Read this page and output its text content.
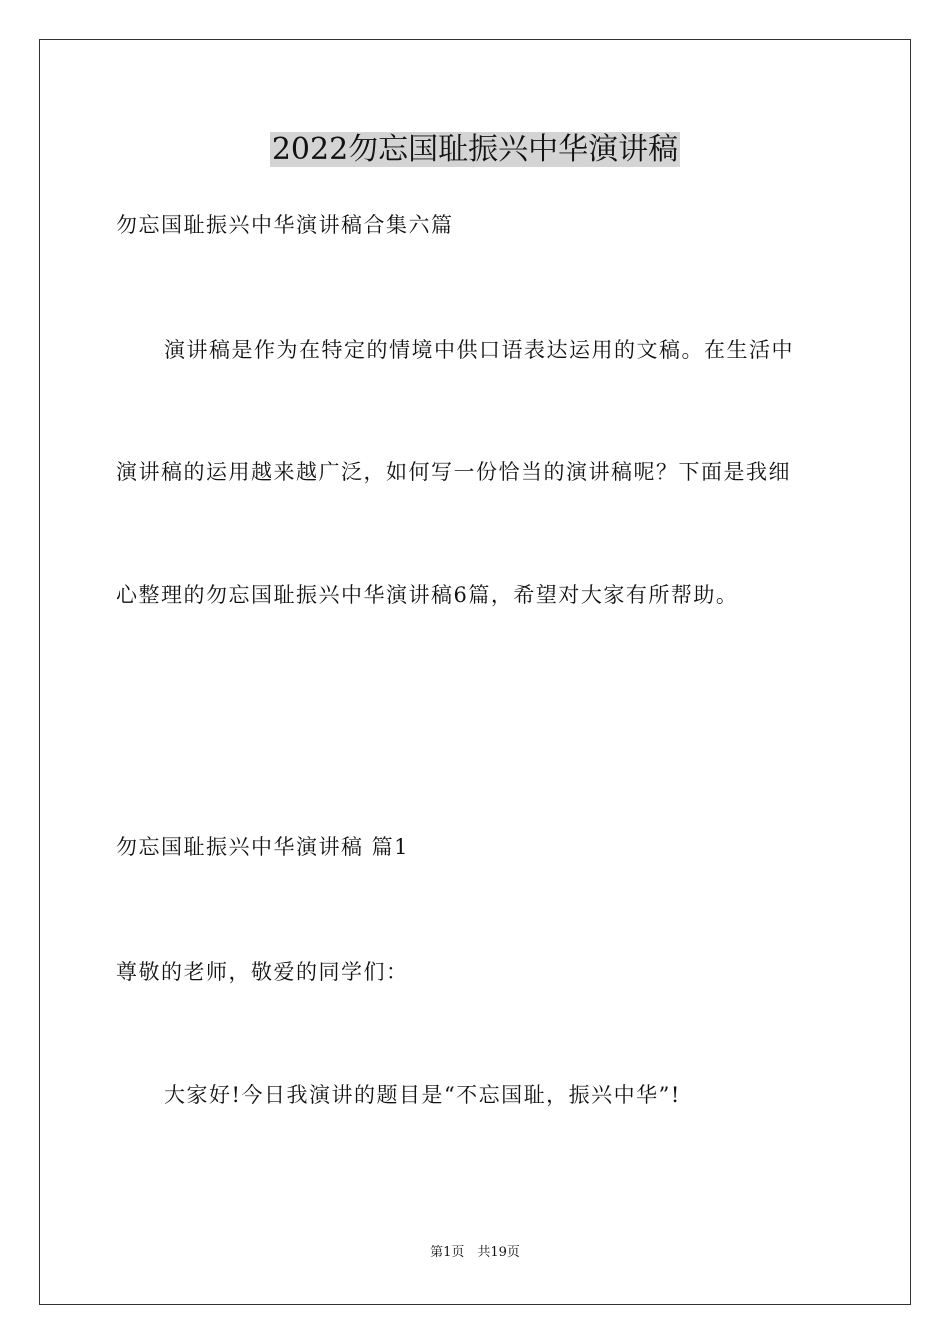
2022勿忘国耻振兴中华演讲稿
勿忘国耻振兴中华演讲稿合集六篇
演讲稿是作为在特定的情境中供口语表达运用的文稿。在生活中
演讲稿的运用越来越广泛，如何写一份恰当的演讲稿呢？下面是我细
心整理的勿忘国耻振兴中华演讲稿6篇，希望对大家有所帮助。
勿忘国耻振兴中华演讲稿 篇1
尊敬的老师，敬爱的同学们：
大家好!今日我演讲的题目是“不忘国耻，振兴中华”!
第1页　共19页
